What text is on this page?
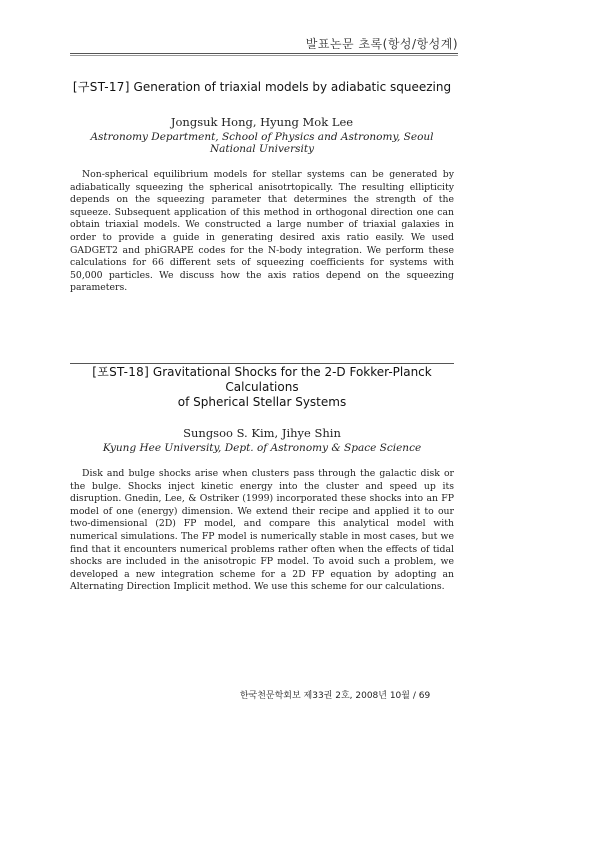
발표논문 초록(항성/항성계)

[구ST-17] Generation of triaxial models by adiabatic squeezing

Jongsuk Hong, Hyung Mok Lee
Astronomy Department, School of Physics and Astronomy, Seoul National University
Non-spherical equilibrium models for stellar systems can be generated by adiabatically squeezing the spherical anisotrtopically. The resulting ellipticity depends on the squeezing parameter that determines the strength of the squeeze. Subsequent application of this method in orthogonal direction one can obtain triaxial models. We constructed a large number of triaxial galaxies in order to provide a guide in generating desired axis ratio easily. We used GADGET2 and phiGRAPE codes for the N-body integration. We perform these calculations for 66 different sets of squeezing coefficients for systems with 50,000 particles. We discuss how the axis ratios depend on the squeezing parameters.

[포ST-18] Gravitational Shocks for the 2-D Fokker-Planck Calculations
of Spherical Stellar Systems

Sungsoo S. Kim, Jihye Shin
Kyung Hee University, Dept. of Astronomy & Space Science
Disk and bulge shocks arise when clusters pass through the galactic disk or the bulge. Shocks inject kinetic energy into the cluster and speed up its disruption. Gnedin, Lee, & Ostriker (1999) incorporated these shocks into an FP model of one (energy) dimension. We extend their recipe and applied it to our two-dimensional (2D) FP model, and compare this analytical model with numerical simulations. The FP model is numerically stable in most cases, but we find that it encounters numerical problems rather often when the effects of tidal shocks are included in the anisotropic FP model. To avoid such a problem, we developed a new integration scheme for a 2D FP equation by adopting an Alternating Direction Implicit method. We use this scheme for our calculations.
한국천문학회보 제33권 2호, 2008년 10월 / 69
